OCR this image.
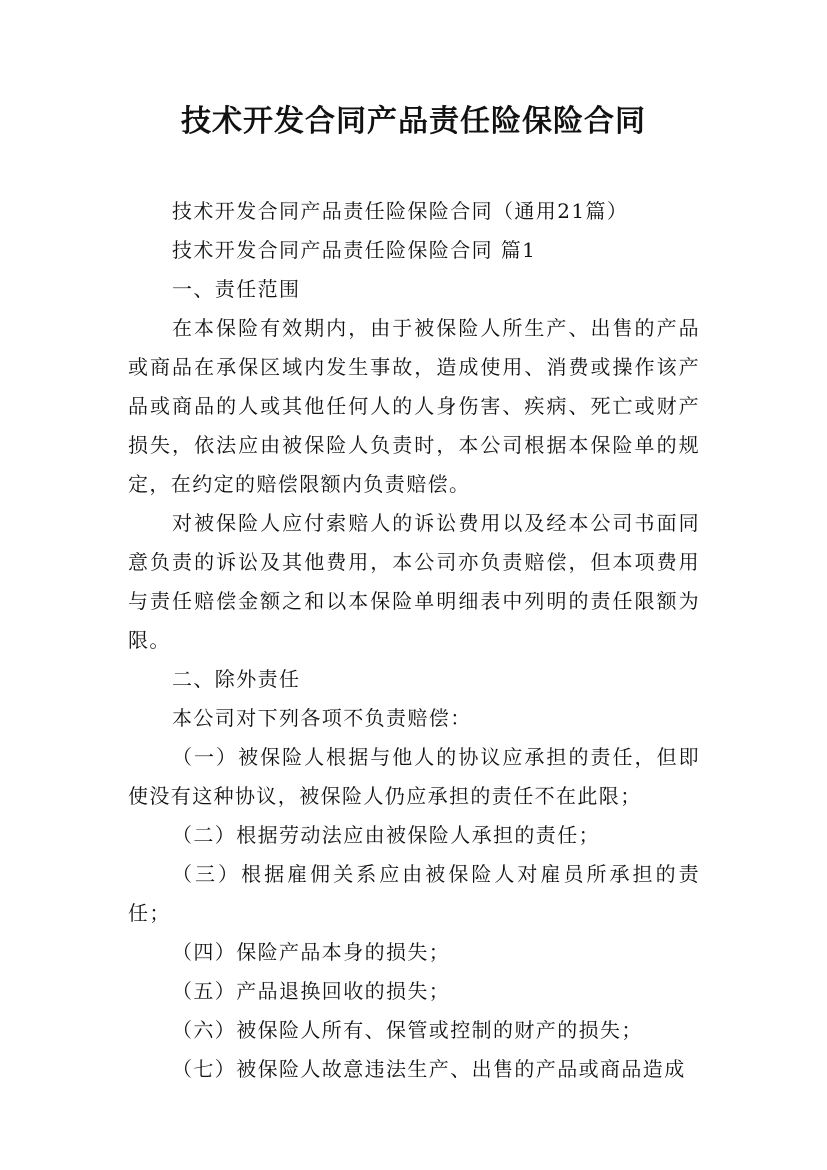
技术开发合同产品责任险保险合同

技术开发合同产品责任险保险合同（通用21篇）

技术开发合同产品责任险保险合同 篇1

一、责任范围

在本保险有效期内，由于被保险人所生产、出售的产品或商品在承保区域内发生事故，造成使用、消费或操作该产品或商品的人或其他任何人的人身伤害、疾病、死亡或财产损失，依法应由被保险人负责时，本公司根据本保险单的规定，在约定的赔偿限额内负责赔偿。

对被保险人应付索赔人的诉讼费用以及经本公司书面同意负责的诉讼及其他费用，本公司亦负责赔偿，但本项费用与责任赔偿金额之和以本保险单明细表中列明的责任限额为限。

二、除外责任

本公司对下列各项不负责赔偿：

（一）被保险人根据与他人的协议应承担的责任，但即使没有这种协议，被保险人仍应承担的责任不在此限；

（二）根据劳动法应由被保险人承担的责任；

（三）根据雇佣关系应由被保险人对雇员所承担的责任；

（四）保险产品本身的损失；

（五）产品退换回收的损失；

（六）被保险人所有、保管或控制的财产的损失；

（七）被保险人故意违法生产、出售的产品或商品造成
